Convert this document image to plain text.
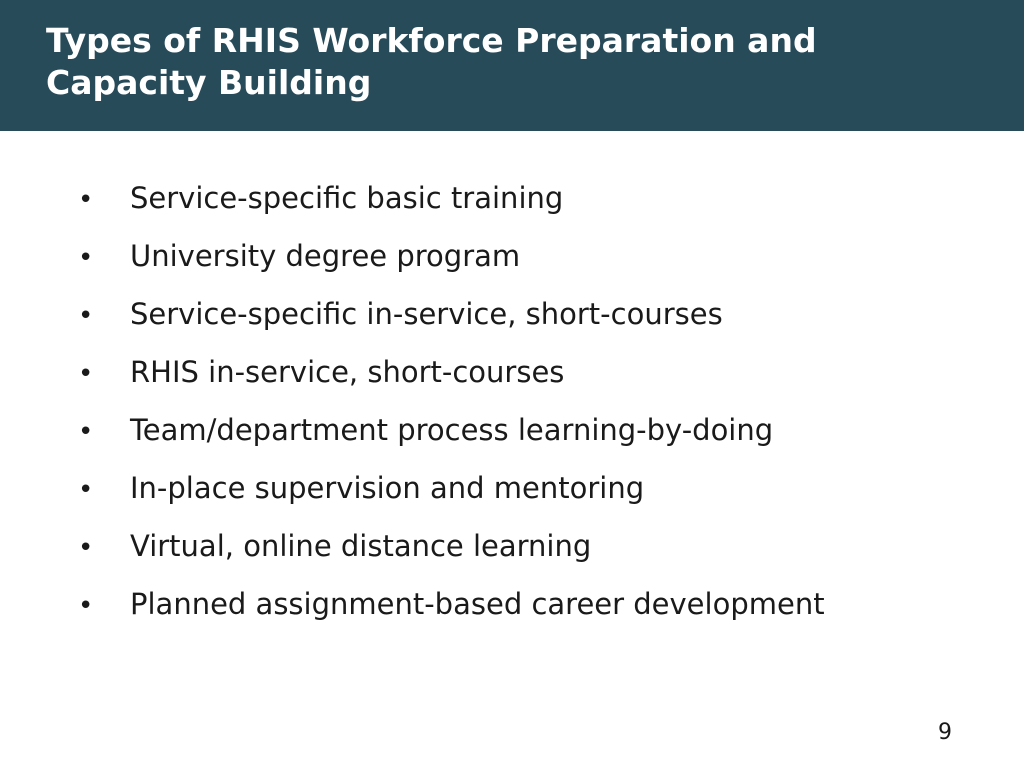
Types of RHIS Workforce Preparation and Capacity Building
•	Service-specific basic training
•	University degree program
•	Service-specific in-service, short-courses
•	RHIS in-service, short-courses
•	Team/department process learning-by-doing
•	In-place supervision and mentoring
•	Virtual, online distance learning
•	Planned assignment-based career development
9
